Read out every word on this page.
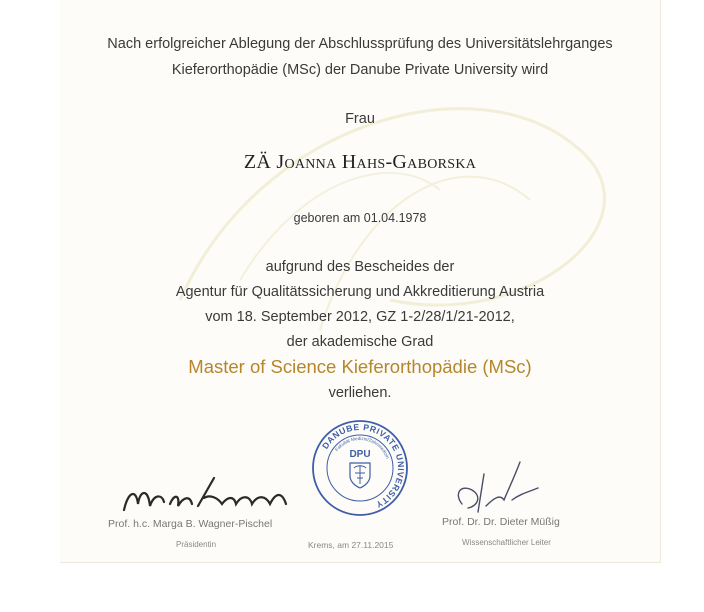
Nach erfolgreicher Ablegung der Abschlussprüfung des Universitätslehrganges
Kieferorthopädie (MSc) der Danube Private University wird
Frau
ZÄ Joanna Hahs-Gaborska
geboren am 01.04.1978
aufgrund des Bescheides der
Agentur für Qualitätssicherung und Akkreditierung Austria
vom 18. September 2012, GZ 1-2/28/1/21-2012,
der akademische Grad
Master of Science Kieferorthopädie (MSc)
verliehen.
Prof. h.c. Marga B. Wagner-Pischel
Präsidentin
DANUBE PRIVATE UNIVERSITY
Fakultät Medizin/Zahnmedizin
DPU
Krems, am 27.11.2015
Prof. Dr. Dr. Dieter Müßig
Wissenschaftlicher Leiter
